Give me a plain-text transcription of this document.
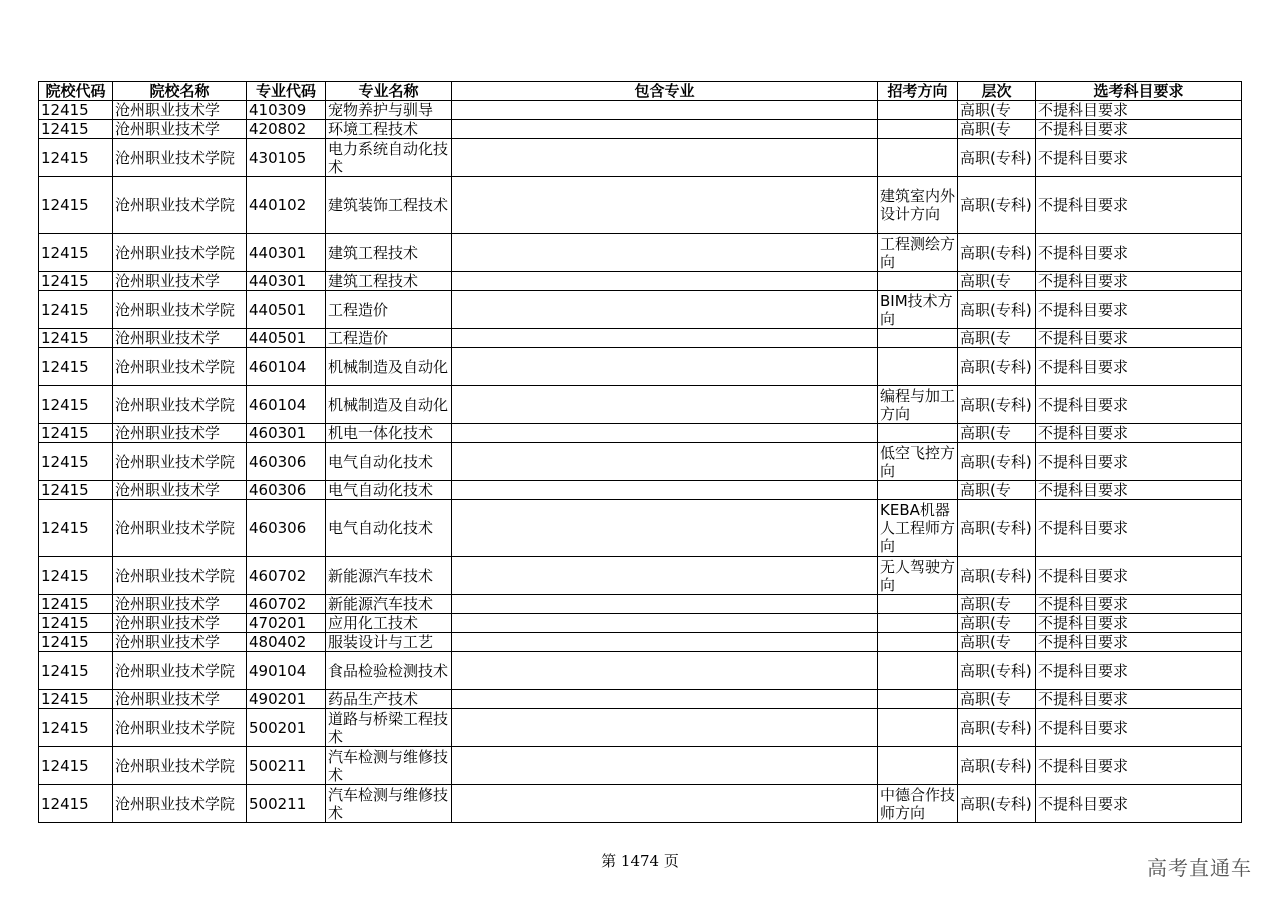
院校代码	院校名称	专业代码	专业名称	包含专业	招考方向	层次	选考科目要求
12415	沧州职业技术学	410309	宠物养护与驯导			高职(专	不提科目要求
12415	沧州职业技术学	420802	环境工程技术			高职(专	不提科目要求
12415	沧州职业技术学院	430105	电力系统自动化技术			高职(专科)	不提科目要求
12415	沧州职业技术学院	440102	建筑装饰工程技术		建筑室内外设计方向	高职(专科)	不提科目要求
12415	沧州职业技术学院	440301	建筑工程技术		工程测绘方向	高职(专科)	不提科目要求
12415	沧州职业技术学	440301	建筑工程技术			高职(专	不提科目要求
12415	沧州职业技术学院	440501	工程造价		BIM技术方向	高职(专科)	不提科目要求
12415	沧州职业技术学	440501	工程造价			高职(专	不提科目要求
12415	沧州职业技术学院	460104	机械制造及自动化			高职(专科)	不提科目要求
12415	沧州职业技术学院	460104	机械制造及自动化		编程与加工方向	高职(专科)	不提科目要求
12415	沧州职业技术学	460301	机电一体化技术			高职(专	不提科目要求
12415	沧州职业技术学院	460306	电气自动化技术		低空飞控方向	高职(专科)	不提科目要求
12415	沧州职业技术学	460306	电气自动化技术			高职(专	不提科目要求
12415	沧州职业技术学院	460306	电气自动化技术		KEBA机器人工程师方向	高职(专科)	不提科目要求
12415	沧州职业技术学院	460702	新能源汽车技术		无人驾驶方向	高职(专科)	不提科目要求
12415	沧州职业技术学	460702	新能源汽车技术			高职(专	不提科目要求
12415	沧州职业技术学	470201	应用化工技术			高职(专	不提科目要求
12415	沧州职业技术学	480402	服装设计与工艺			高职(专	不提科目要求
12415	沧州职业技术学院	490104	食品检验检测技术			高职(专科)	不提科目要求
12415	沧州职业技术学	490201	药品生产技术			高职(专	不提科目要求
12415	沧州职业技术学院	500201	道路与桥梁工程技术			高职(专科)	不提科目要求
12415	沧州职业技术学院	500211	汽车检测与维修技术			高职(专科)	不提科目要求
12415	沧州职业技术学院	500211	汽车检测与维修技术		中德合作技师方向	高职(专科)	不提科目要求
第 1474 页	高考直通车
